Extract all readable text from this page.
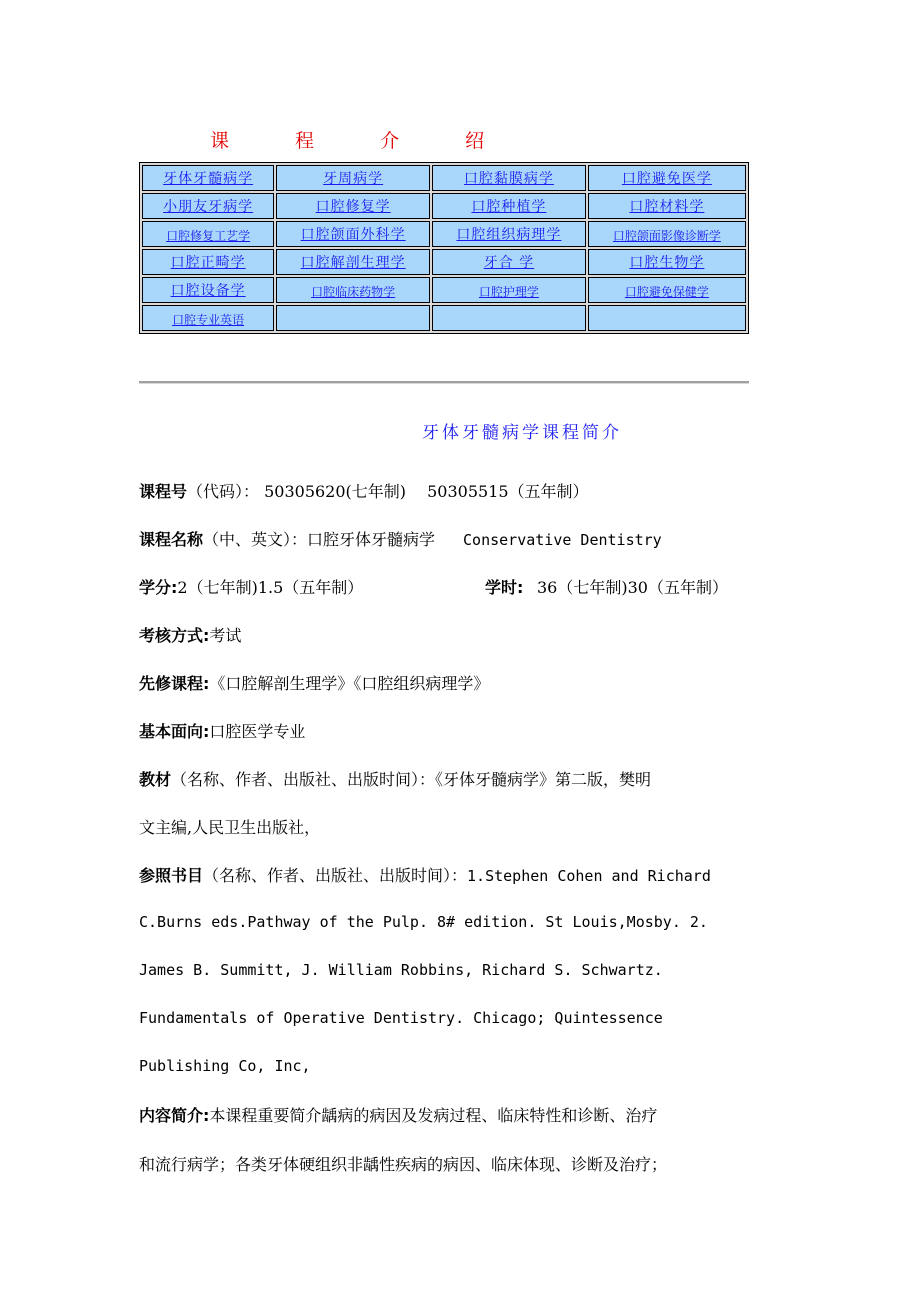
课 程 介 绍
牙体牙髓病学	牙周病学	口腔黏膜病学	口腔避免医学
小朋友牙病学	口腔修复学	口腔种植学	口腔材料学
口腔修复工艺学	口腔颌面外科学	口腔组织病理学	口腔颌面影像诊断学
口腔正畸学	口腔解剖生理学	牙合 学	口腔生物学
口腔设备学	口腔临床药物学	口腔护理学	口腔避免保健学
口腔专业英语			
牙体牙髓病学课程简介
课程号（代码）： 50305620(七年制)　 50305515（五年制）
课程名称（中、英文）：口腔牙体牙髓病学 Conservative Dentistry
学分:2（七年制)1.5（五年制）	学时: 36（七年制)30（五年制）
考核方式:考试
先修课程:《口腔解剖生理学》《口腔组织病理学》
基本面向:口腔医学专业
教材（名称、作者、出版社、出版时间）：《牙体牙髓病学》第二版，樊明
文主编,人民卫生出版社，
参照书目（名称、作者、出版社、出版时间）：1.Stephen Cohen and Richard
C.Burns eds.Pathway of the Pulp. 8# edition. St Louis,Mosby. 2.
James B. Summitt, J. William Robbins, Richard S. Schwartz.
Fundamentals of Operative Dentistry. Chicago; Quintessence
Publishing Co, Inc,
内容简介:本课程重要简介龋病的病因及发病过程、临床特性和诊断、治疗
和流行病学；各类牙体硬组织非龋性疾病的病因、临床体现、诊断及治疗；
